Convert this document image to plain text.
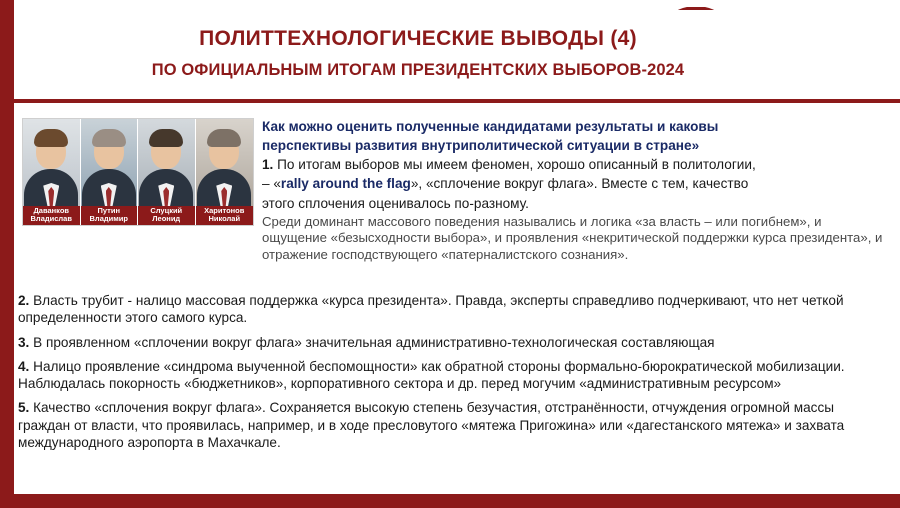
ПОЛИТТЕХНОЛОГИЧЕСКИЕ ВЫВОДЫ (4)
ПО ОФИЦИАЛЬНЫМ ИТОГАМ ПРЕЗИДЕНТСКИХ ВЫБОРОВ-2024
Даванков
Владислав
Путин
Владимир
Слуцкий
Леонид
Харитонов
Николай

Как можно оценить полученные кандидатами результаты и каковы

перспективы развития внутриполитической ситуации в стране»

1. По итогам выборов мы имеем феномен, хорошо описанный в политологии,

– «rally around the flag», «сплочение вокруг флага». Вместе с тем, качество

этого сплочения оценивалось по-разному.

Среди доминант массового поведения назывались и логика «за власть – или погибнем», и ощущение «безысходности выбора», и проявления «некритической поддержки курса президента», и отражение господствующего «патерналистского сознания».

2. Власть трубит - налицо массовая поддержка «курса президента». Правда, эксперты справедливо подчеркивают, что нет четкой определенности этого самого курса.

3. В проявленном «сплочении вокруг флага» значительная административно-технологическая составляющая

4. Налицо проявление «синдрома выученной беспомощности» как обратной стороны формально-бюрократической мобилизации. Наблюдалась покорность «бюджетников», корпоративного сектора и др. перед могучим «административным ресурсом»

5. Качество «сплочения вокруг флага». Сохраняется высокую степень безучастия, отстранённости, отчуждения огромной массы граждан от власти, что проявилась, например, и в ходе пресловутого «мятежа Пригожина» или «дагестанского мятежа» и захвата международного аэропорта в Махачкале.
